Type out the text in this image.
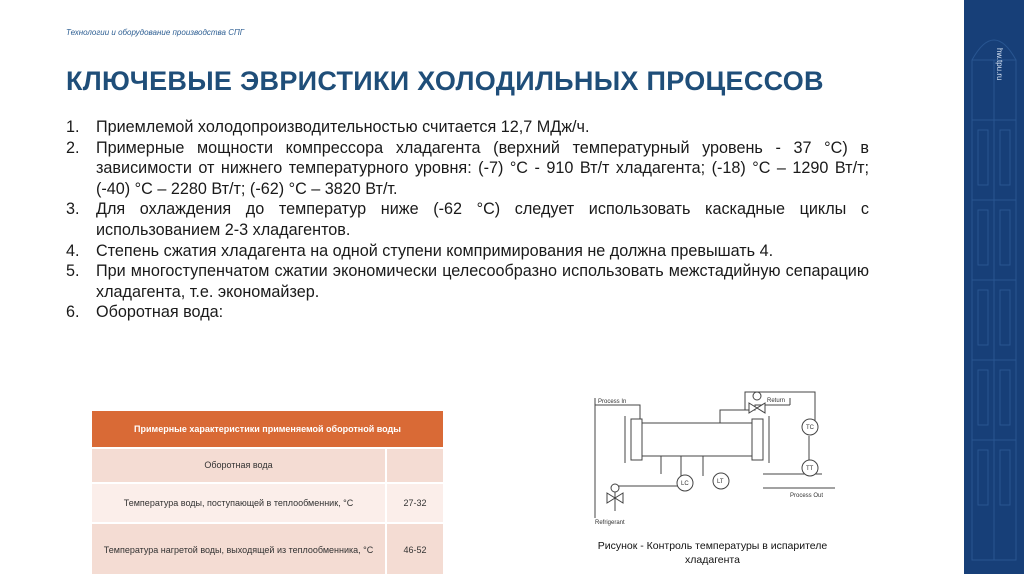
Технологии и оборудование производства СПГ
КЛЮЧЕВЫЕ ЭВРИСТИКИ ХОЛОДИЛЬНЫХ ПРОЦЕССОВ
1. Приемлемой холодопроизводительностью считается 12,7 МДж/ч.
2. Примерные мощности компрессора хладагента (верхний температурный уровень - 37 °C) в зависимости от нижнего температурного уровня: (-7) °C - 910 Вт/т хладагента; (-18) °C – 1290 Вт/т; (-40) °C – 2280 Вт/т; (-62) °C – 3820 Вт/т.
3. Для охлаждения до температур ниже (-62 °C) следует использовать каскадные циклы с использованием 2-3 хладагентов.
4. Степень сжатия хладагента на одной ступени компримирования не должна превышать 4.
5. При многоступенчатом сжатии экономически целесообразно использовать межстадийную сепарацию хладагента, т.е. экономайзер.
6. Оборотная вода:
Примерные характеристики применяемой оборотной воды	
Оборотная вода	
Температура воды, поступающей в теплообменник, °C	27-32
Температура нагретой воды, выходящей из теплообменника, °C	46-52
Process In	Return
TC
TT
LC	LT
Process Out
Refrigerant
Рисунок - Контроль температуры в испарителе хладагента
hw.tpu.ru
